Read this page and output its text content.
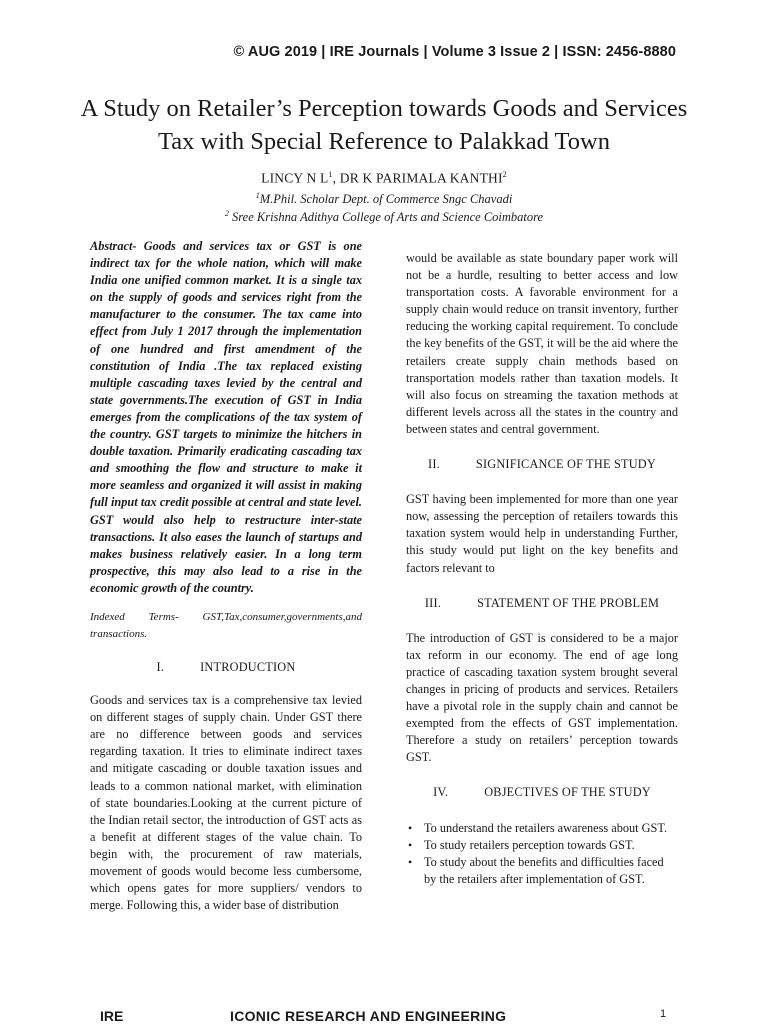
© AUG 2019 | IRE Journals | Volume 3 Issue 2 | ISSN: 2456-8880
A Study on Retailer’s Perception towards Goods and Services Tax with Special Reference to Palakkad Town
LINCY N $L^1$, DR K PARIMALA KANTHI$^2$
$^1$M.Phil. Scholar Dept. of Commerce Sngc Chavadi
$^2$ Sree Krishna Adithya College of Arts and Science Coimbatore

Abstract- Goods and services tax or GST is one indirect tax for the whole nation, which will make India one unified common market. It is a single tax on the supply of goods and services right from the manufacturer to the consumer. The tax came into effect from July 1 2017 through the implementation of one hundred and first amendment of the constitution of India .The tax replaced existing multiple cascading taxes levied by the central and state governments.The execution of GST in India emerges from the complications of the tax system of the country. GST targets to minimize the hitchers in double taxation. Primarily eradicating cascading tax and smoothing the flow and structure to make it more seamless and organized it will assist in making full input tax credit possible at central and state level. GST would also help to restructure inter-state transactions. It also eases the launch of startups and makes business relatively easier. In a long term prospective, this may also lead to a rise in the economic growth of the country.

Indexed Terms- GST,Tax,consumer,governments,and transactions.

I.	INTRODUCTION

Goods and services tax is a comprehensive tax levied on different stages of supply chain. Under GST there are no difference between goods and services regarding taxation. It tries to eliminate indirect taxes and mitigate cascading or double taxation issues and leads to a common national market, with elimination of state boundaries.Looking at the current picture of the Indian retail sector, the introduction of GST acts as a benefit at different stages of the value chain. To begin with, the procurement of raw materials, movement of goods would become less cumbersome, which opens gates for more suppliers/ vendors to merge. Following this, a wider base of distribution

would be available as state boundary paper work will not be a hurdle, resulting to better access and low transportation costs. A favorable environment for a supply chain would reduce on transit inventory, further reducing the working capital requirement. To conclude the key benefits of the GST, it will be the aid where the retailers create supply chain methods based on transportation models rather than taxation models. It will also focus on streaming the taxation methods at different levels across all the states in the country and between states and central government.

II.	SIGNIFICANCE OF THE STUDY

GST having been implemented for more than one year now, assessing the perception of retailers towards this taxation system would help in understanding Further, this study would put light on the key benefits and factors relevant to

III.	STATEMENT OF THE PROBLEM

The introduction of GST is considered to be a major tax reform in our economy. The end of age long practice of cascading taxation system brought several changes in pricing of products and services. Retailers have a pivotal role in the supply chain and cannot be exempted from the effects of GST implementation. Therefore a study on retailers’ perception towards GST.

IV.	OBJECTIVES OF THE STUDY
• To understand the retailers awareness about GST.
• To study retailers perception towards GST.
• To study about the benefits and difficulties faced by the retailers after implementation of GST.
IRE	ICONIC RESEARCH AND ENGINEERING	1
